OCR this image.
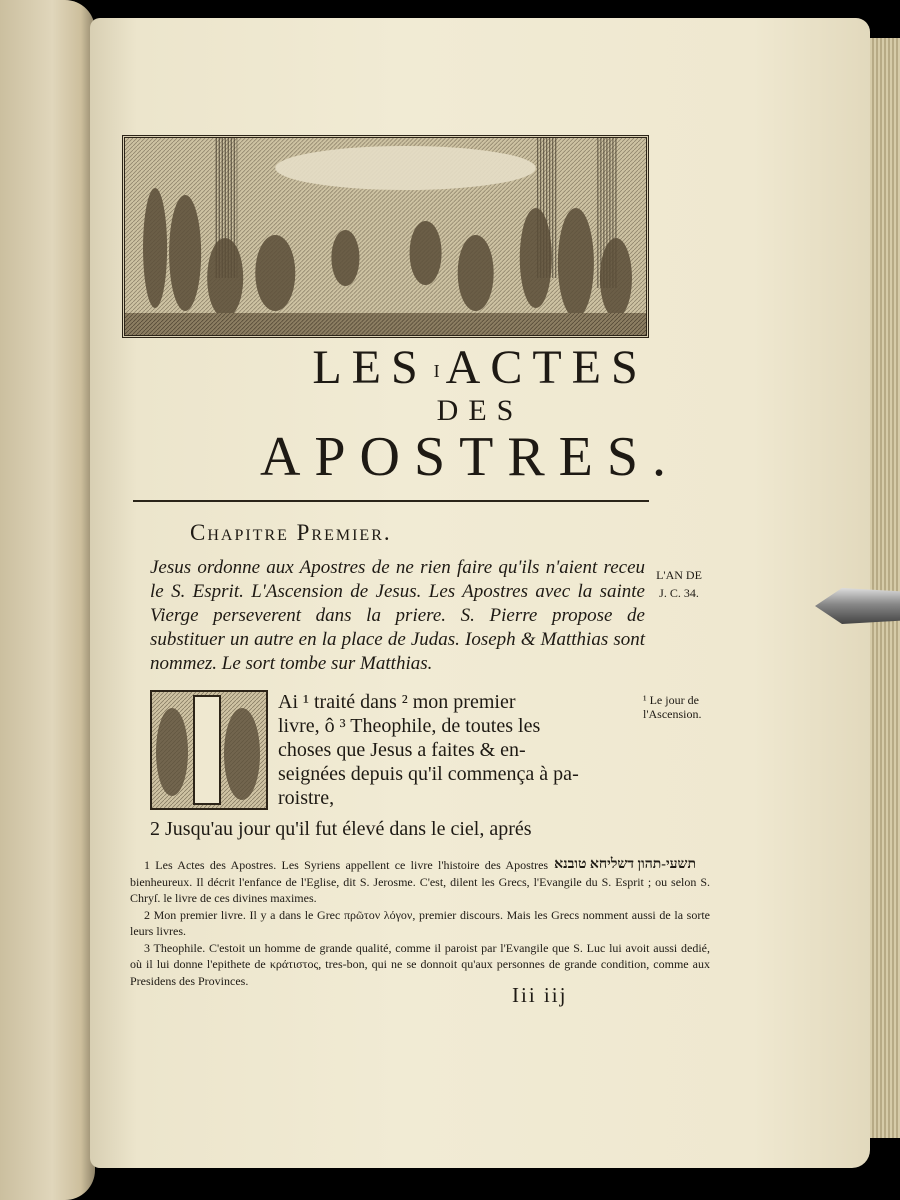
LES I ACTES
DES
APOSTRES.
Chapitre Premier.
Jesus ordonne aux Apostres de ne rien faire qu'ils n'aient receu le S. Esprit. L'Ascension de Jesus. Les Apostres avec la sainte Vierge perseverent dans la priere. S. Pierre propose de substituer un autre en la place de Judas. Ioseph & Matthias sont nommez. Le sort tombe sur Matthias.
L'AN DE
J. C. 34.
Ai ¹ traité dans ² mon premier
livre, ô ³ Theophile, de toutes les
choses que Jesus a faites & en-
seignées depuis qu'il commença à pa-
roistre,
¹ Le jour de l'Ascension.
2 Jusqu'au jour qu'il fut élevé dans le ciel, aprés

תשעי-תהון דשליחא טובנא
1 Les Actes des Apostres. Les Syriens appellent ce livre l'histoire des Apostres bienheureux. Il décrit l'enfance de l'Eglise, dit S. Jerosme. C'est, dilent les Grecs, l'Evangile du S. Esprit ; ou selon S. Chryſ. le livre de ces divines maximes.

2 Mon premier livre. Il y a dans le Grec πρῶτον λόγον, premier discours. Mais les Grecs nomment aussi de la sorte leurs livres.

3 Theophile. C'estoit un homme de grande qualité, comme il paroist par l'Evangile que S. Luc lui avoit aussi dedié, où il lui donne l'epithete de κράτιστος, tres-bon, qui ne se donnoit qu'aux personnes de grande condition, comme aux Presidens des Provinces.

Iii iij
